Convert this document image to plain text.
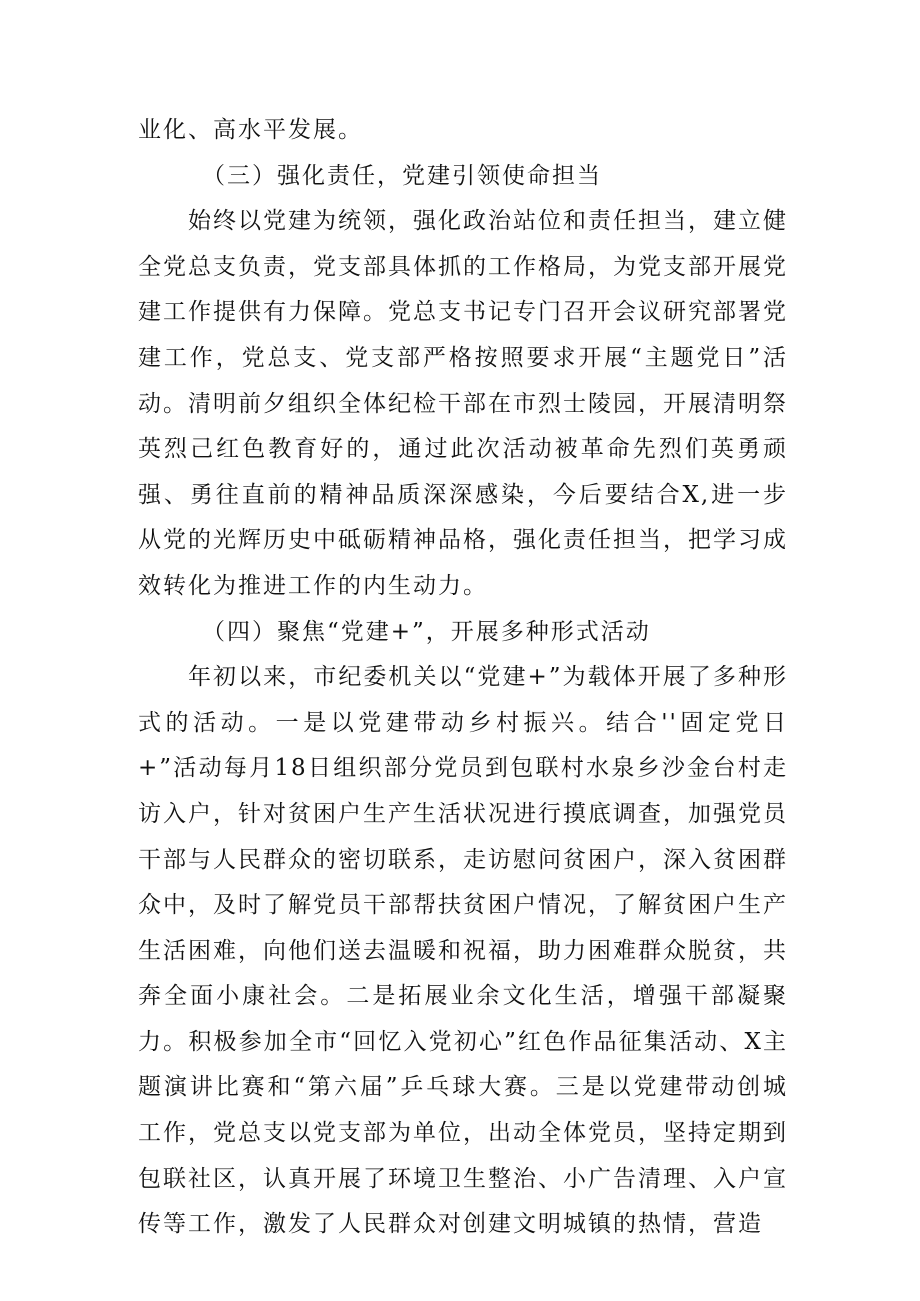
业化、高水平发展。

（三）强化责任，党建引领使命担当

始终以党建为统领，强化政治站位和责任担当，建立健全党总支负责，党支部具体抓的工作格局，为党支部开展党建工作提供有力保障。党总支书记专门召开会议研究部署党建工作，党总支、党支部严格按照要求开展“主题党日”活动。清明前夕组织全体纪检干部在市烈士陵园，开展清明祭英烈己红色教育好的，通过此次活动被革命先烈们英勇顽强、勇往直前的精神品质深深感染，今后要结合X,进一步从党的光辉历史中砥砺精神品格，强化责任担当，把学习成效转化为推进工作的内生动力。

（四）聚焦“党建+”，开展多种形式活动

年初以来，市纪委机关以“党建+”为载体开展了多种形式的活动。一是以党建带动乡村振兴。结合''固定党日+”活动每月18日组织部分党员到包联村水泉乡沙金台村走访入户，针对贫困户生产生活状况进行摸底调查，加强党员干部与人民群众的密切联系，走访慰问贫困户，深入贫困群众中，及时了解党员干部帮扶贫困户情况，了解贫困户生产生活困难，向他们送去温暖和祝福，助力困难群众脱贫，共奔全面小康社会。二是拓展业余文化生活，增强干部凝聚力。积极参加全市“回忆入党初心”红色作品征集活动、X主题演讲比赛和“第六届”乒乓球大赛。三是以党建带动创城工作，党总支以党支部为单位，出动全体党员，坚持定期到包联社区，认真开展了环境卫生整治、小广告清理、入户宣传等工作，激发了人民群众对创建文明城镇的热情，营造
